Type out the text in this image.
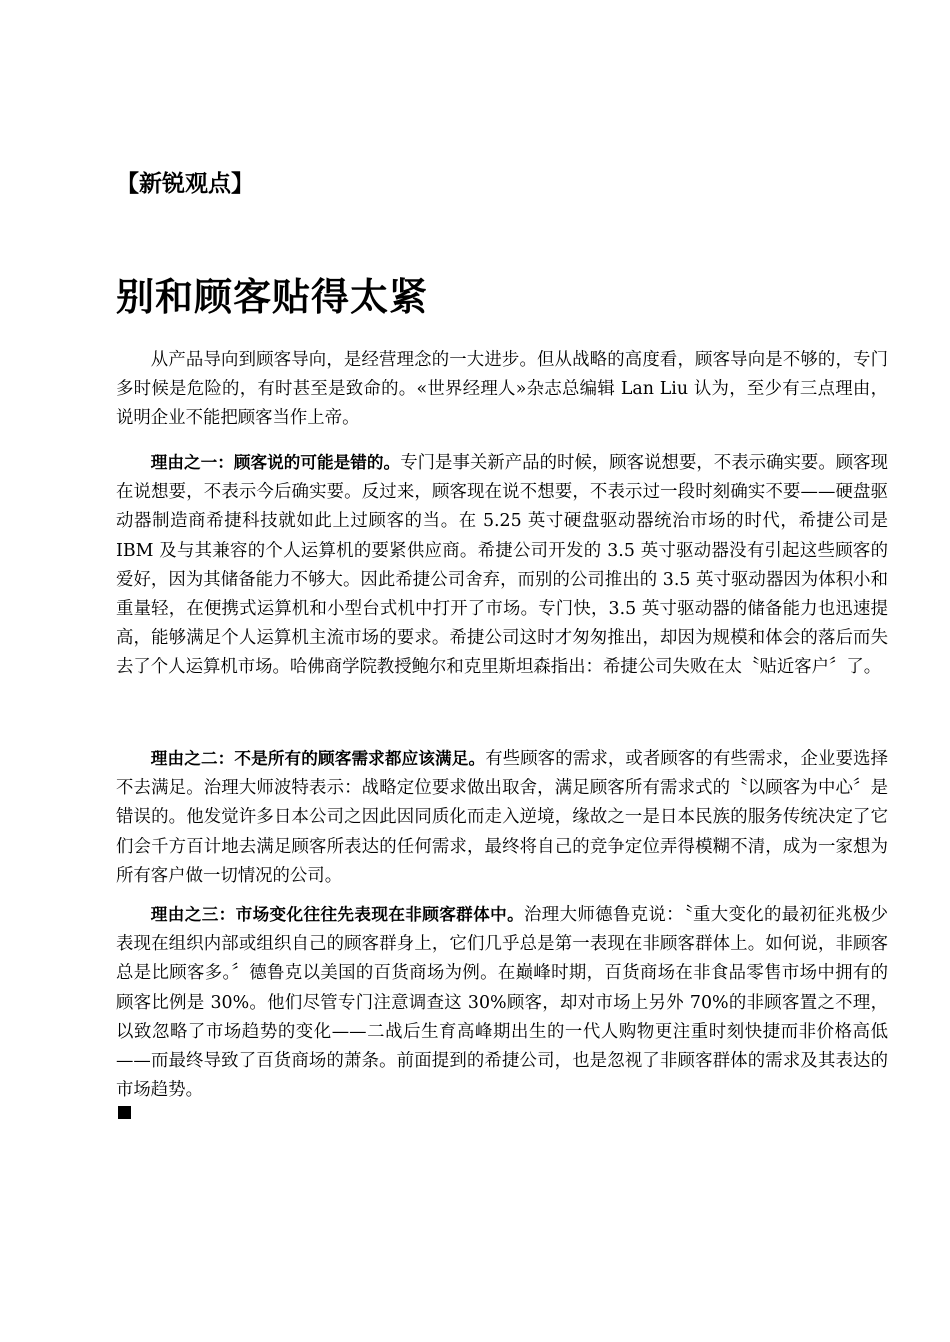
【新锐观点】

别和顾客贴得太紧

从产品导向到顾客导向，是经营理念的一大进步。但从战略的高度看，顾客导向是不够的，专门多时候是危险的，有时甚至是致命的。«世界经理人»杂志总编辑 Lan Liu 认为，至少有三点理由，说明企业不能把顾客当作上帝。

理由之一：顾客说的可能是错的。专门是事关新产品的时候，顾客说想要，不表示确实要。顾客现在说想要，不表示今后确实要。反过来，顾客现在说不想要，不表示过一段时刻确实不要——硬盘驱动器制造商希捷科技就如此上过顾客的当。在 5.25 英寸硬盘驱动器统治市场的时代，希捷公司是 IBM 及与其兼容的个人运算机的要紧供应商。希捷公司开发的 3.5 英寸驱动器没有引起这些顾客的爱好，因为其储备能力不够大。因此希捷公司舍弃，而别的公司推出的 3.5 英寸驱动器因为体积小和重量轻，在便携式运算机和小型台式机中打开了市场。专门快，3.5 英寸驱动器的储备能力也迅速提高，能够满足个人运算机主流市场的要求。希捷公司这时才匆匆推出，却因为规模和体会的落后而失去了个人运算机市场。哈佛商学院教授鲍尔和克里斯坦森指出：希捷公司失败在太〝贴近客户〞了。

理由之二：不是所有的顾客需求都应该满足。有些顾客的需求，或者顾客的有些需求，企业要选择不去满足。治理大师波特表示：战略定位要求做出取舍，满足顾客所有需求式的〝以顾客为中心〞是错误的。他发觉许多日本公司之因此因同质化而走入逆境，缘故之一是日本民族的服务传统决定了它们会千方百计地去满足顾客所表达的任何需求，最终将自己的竞争定位弄得模糊不清，成为一家想为所有客户做一切情况的公司。

理由之三：市场变化往往先表现在非顾客群体中。治理大师德鲁克说：〝重大变化的最初征兆极少表现在组织内部或组织自己的顾客群身上，它们几乎总是第一表现在非顾客群体上。如何说，非顾客总是比顾客多。〞德鲁克以美国的百货商场为例。在巅峰时期，百货商场在非食品零售市场中拥有的顾客比例是 30%。他们尽管专门注意调查这 30%顾客，却对市场上另外 70%的非顾客置之不理，以致忽略了市场趋势的变化——二战后生育高峰期出生的一代人购物更注重时刻快捷而非价格高低——而最终导致了百货商场的萧条。前面提到的希捷公司，也是忽视了非顾客群体的需求及其表达的市场趋势。
